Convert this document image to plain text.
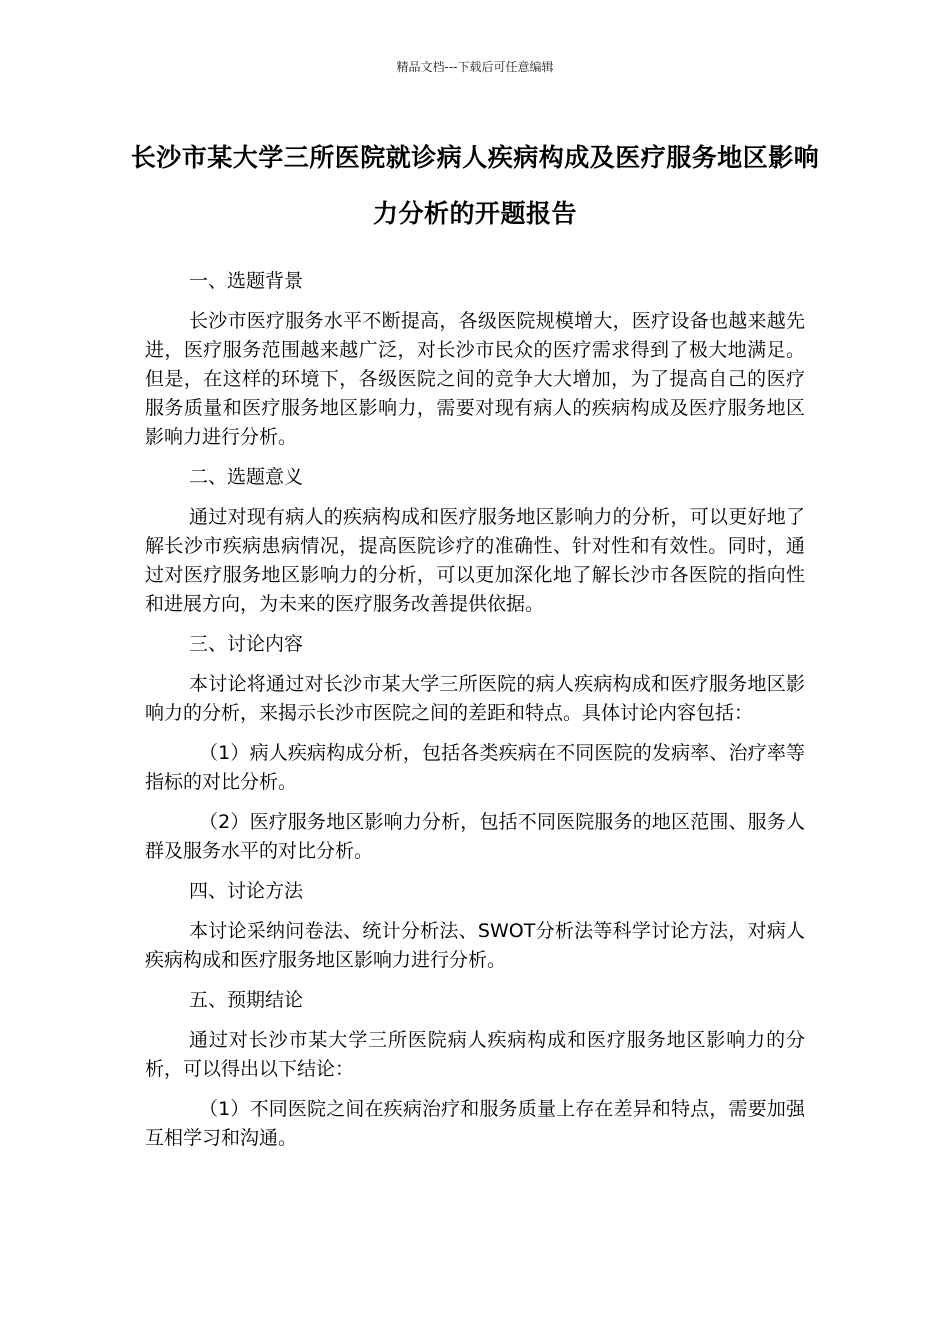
精品文档---下载后可任意编辑
长沙市某大学三所医院就诊病人疾病构成及医疗服务地区影响力分析的开题报告
一、选题背景
长沙市医疗服务水平不断提高，各级医院规模增大，医疗设备也越来越先进，医疗服务范围越来越广泛，对长沙市民众的医疗需求得到了极大地满足。但是，在这样的环境下，各级医院之间的竞争大大增加，为了提高自己的医疗服务质量和医疗服务地区影响力，需要对现有病人的疾病构成及医疗服务地区影响力进行分析。
二、选题意义
通过对现有病人的疾病构成和医疗服务地区影响力的分析，可以更好地了解长沙市疾病患病情况，提高医院诊疗的准确性、针对性和有效性。同时，通过对医疗服务地区影响力的分析，可以更加深化地了解长沙市各医院的指向性和进展方向，为未来的医疗服务改善提供依据。
三、讨论内容
本讨论将通过对长沙市某大学三所医院的病人疾病构成和医疗服务地区影响力的分析，来揭示长沙市医院之间的差距和特点。具体讨论内容包括：
（1）病人疾病构成分析，包括各类疾病在不同医院的发病率、治疗率等指标的对比分析。
（2）医疗服务地区影响力分析，包括不同医院服务的地区范围、服务人群及服务水平的对比分析。
四、讨论方法
本讨论采纳问卷法、统计分析法、SWOT分析法等科学讨论方法，对病人疾病构成和医疗服务地区影响力进行分析。
五、预期结论
通过对长沙市某大学三所医院病人疾病构成和医疗服务地区影响力的分析，可以得出以下结论：
（1）不同医院之间在疾病治疗和服务质量上存在差异和特点，需要加强互相学习和沟通。
